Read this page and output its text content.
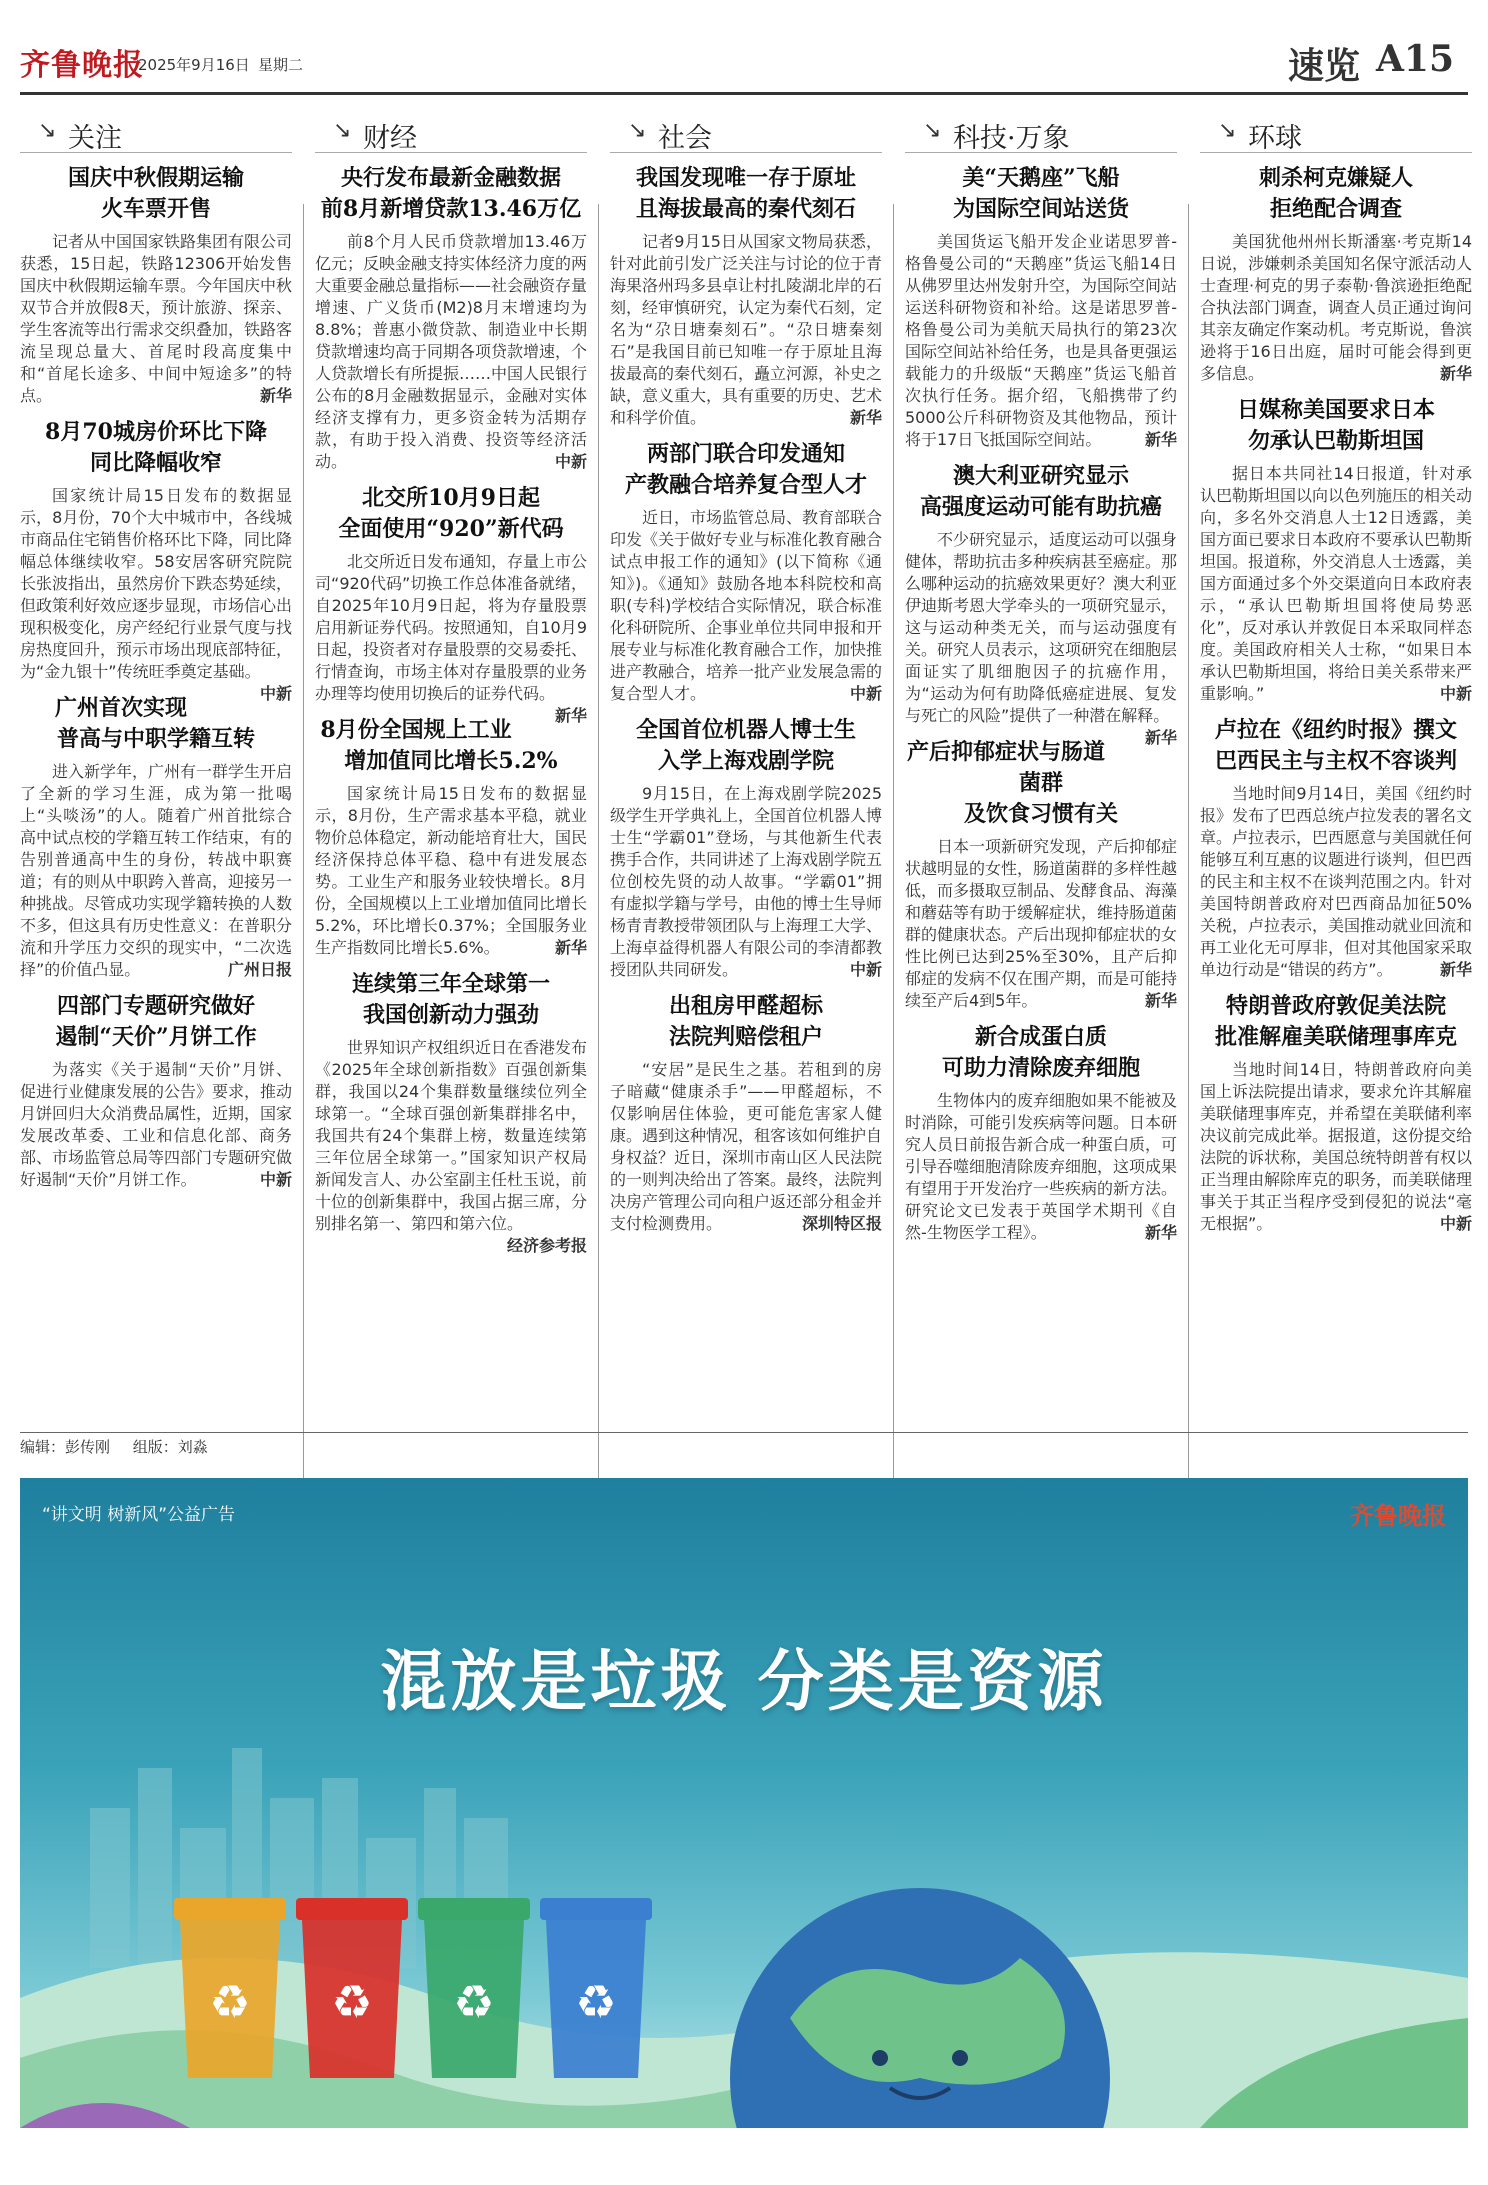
齐鲁晚报
2025年9月16日 星期二	速览 A15
↘ 关注
国庆中秋假期运输
火车票开售

记者从中国国家铁路集团有限公司获悉，15日起，铁路12306开始发售国庆中秋假期运输车票。今年国庆中秋双节合并放假8天，预计旅游、探亲、学生客流等出行需求交织叠加，铁路客流呈现总量大、首尾时段高度集中和“首尾长途多、中间中短途多”的特点。	新华

8月70城房价环比下降
同比降幅收窄

国家统计局15日发布的数据显示，8月份，70个大中城市中，各线城市商品住宅销售价格环比下降，同比降幅总体继续收窄。58安居客研究院院长张波指出，虽然房价下跌态势延续，但政策利好效应逐步显现，市场信心出现积极变化，房产经纪行业景气度与找房热度回升，预示市场出现底部特征，为“金九银十”传统旺季奠定基础。
中新

广州首次实现
普高与中职学籍互转

进入新学年，广州有一群学生开启了全新的学习生涯，成为第一批喝上“头啖汤”的人。随着广州首批综合高中试点校的学籍互转工作结束，有的告别普通高中生的身份，转战中职赛道；有的则从中职跨入普高，迎接另一种挑战。尽管成功实现学籍转换的人数不多，但这具有历史性意义：在普职分流和升学压力交织的现实中，“二次选择”的价值凸显。	广州日报

四部门专题研究做好
遏制“天价”月饼工作

为落实《关于遏制“天价”月饼、促进行业健康发展的公告》要求，推动月饼回归大众消费品属性，近期，国家发展改革委、工业和信息化部、商务部、市场监管总局等四部门专题研究做好遏制“天价”月饼工作。	中新

↘ 财经
央行发布最新金融数据
前8月新增贷款13.46万亿

前8个月人民币贷款增加13.46万亿元；反映金融支持实体经济力度的两大重要金融总量指标——社会融资存量增速、广义货币(M2)8月末增速均为8.8%；普惠小微贷款、制造业中长期贷款增速均高于同期各项贷款增速，个人贷款增长有所提振……中国人民银行公布的8月金融数据显示，金融对实体经济支撑有力，更多资金转为活期存款，有助于投入消费、投资等经济活动。	中新

北交所10月9日起
全面使用“920”新代码

北交所近日发布通知，存量上市公司“920代码”切换工作总体准备就绪，自2025年10月9日起，将为存量股票启用新证券代码。按照通知，自10月9日起，投资者对存量股票的交易委托、行情查询，市场主体对存量股票的业务办理等均使用切换后的证券代码。
新华

8月份全国规上工业
增加值同比增长5.2%

国家统计局15日发布的数据显示，8月份，生产需求基本平稳，就业物价总体稳定，新动能培育壮大，国民经济保持总体平稳、稳中有进发展态势。工业生产和服务业较快增长。8月份，全国规模以上工业增加值同比增长5.2%，环比增长0.37%；全国服务业生产指数同比增长5.6%。	新华

连续第三年全球第一
我国创新动力强劲

世界知识产权组织近日在香港发布《2025年全球创新指数》百强创新集群，我国以24个集群数量继续位列全球第一。“全球百强创新集群排名中，我国共有24个集群上榜，数量连续第三年位居全球第一。”国家知识产权局新闻发言人、办公室副主任杜玉说，前十位的创新集群中，我国占据三席，分别排名第一、第四和第六位。
经济参考报

↘ 社会
我国发现唯一存于原址
且海拔最高的秦代刻石

记者9月15日从国家文物局获悉，针对此前引发广泛关注与讨论的位于青海果洛州玛多县卓让村扎陵湖北岸的石刻，经审慎研究，认定为秦代石刻，定名为“尕日塘秦刻石”。“尕日塘秦刻石”是我国目前已知唯一存于原址且海拔最高的秦代刻石，矗立河源，补史之缺，意义重大，具有重要的历史、艺术和科学价值。	新华

两部门联合印发通知
产教融合培养复合型人才

近日，市场监管总局、教育部联合印发《关于做好专业与标准化教育融合试点申报工作的通知》(以下简称《通知》)。《通知》鼓励各地本科院校和高职(专科)学校结合实际情况，联合标准化科研院所、企事业单位共同申报和开展专业与标准化教育融合工作，加快推进产教融合，培养一批产业发展急需的复合型人才。	中新

全国首位机器人博士生
入学上海戏剧学院

9月15日，在上海戏剧学院2025级学生开学典礼上，全国首位机器人博士生“学霸01”登场，与其他新生代表携手合作，共同讲述了上海戏剧学院五位创校先贤的动人故事。“学霸01”拥有虚拟学籍与学号，由他的博士生导师杨青青教授带领团队与上海理工大学、上海卓益得机器人有限公司的李清都教授团队共同研发。	中新

出租房甲醛超标
法院判赔偿租户

“安居”是民生之基。若租到的房子暗藏“健康杀手”——甲醛超标，不仅影响居住体验，更可能危害家人健康。遇到这种情况，租客该如何维护自身权益？近日，深圳市南山区人民法院的一则判决给出了答案。最终，法院判决房产管理公司向租户返还部分租金并支付检测费用。	深圳特区报

↘ 科技·万象
美“天鹅座”飞船
为国际空间站送货

美国货运飞船开发企业诺思罗普-格鲁曼公司的“天鹅座”货运飞船14日从佛罗里达州发射升空，为国际空间站运送科研物资和补给。这是诺思罗普-格鲁曼公司为美航天局执行的第23次国际空间站补给任务，也是具备更强运载能力的升级版“天鹅座”货运飞船首次执行任务。据介绍，飞船携带了约5000公斤科研物资及其他物品，预计将于17日飞抵国际空间站。	新华

澳大利亚研究显示
高强度运动可能有助抗癌

不少研究显示，适度运动可以强身健体，帮助抗击多种疾病甚至癌症。那么哪种运动的抗癌效果更好？澳大利亚伊迪斯考恩大学牵头的一项研究显示，这与运动种类无关，而与运动强度有关。研究人员表示，这项研究在细胞层面证实了肌细胞因子的抗癌作用，为“运动为何有助降低癌症进展、复发与死亡的风险”提供了一种潜在解释。
新华

产后抑郁症状与肠道菌群
及饮食习惯有关

日本一项新研究发现，产后抑郁症状越明显的女性，肠道菌群的多样性越低，而多摄取豆制品、发酵食品、海藻和蘑菇等有助于缓解症状，维持肠道菌群的健康状态。产后出现抑郁症状的女性比例已达到25%至30%，且产后抑郁症的发病不仅在围产期，而是可能持续至产后4到5年。	新华

新合成蛋白质
可助力清除废弃细胞

生物体内的废弃细胞如果不能被及时消除，可能引发疾病等问题。日本研究人员日前报告新合成一种蛋白质，可引导吞噬细胞清除废弃细胞，这项成果有望用于开发治疗一些疾病的新方法。研究论文已发表于英国学术期刊《自然-生物医学工程》。	新华

↘ 环球
刺杀柯克嫌疑人
拒绝配合调查

美国犹他州州长斯潘塞·考克斯14日说，涉嫌刺杀美国知名保守派活动人士查理·柯克的男子泰勒·鲁滨逊拒绝配合执法部门调查，调查人员正通过询问其亲友确定作案动机。考克斯说，鲁滨逊将于16日出庭，届时可能会得到更多信息。	新华

日媒称美国要求日本
勿承认巴勒斯坦国

据日本共同社14日报道，针对承认巴勒斯坦国以向以色列施压的相关动向，多名外交消息人士12日透露，美国方面已要求日本政府不要承认巴勒斯坦国。报道称，外交消息人士透露，美国方面通过多个外交渠道向日本政府表示，“承认巴勒斯坦国将使局势恶化”，反对承认并敦促日本采取同样态度。美国政府相关人士称，“如果日本承认巴勒斯坦国，将给日美关系带来严重影响。”	中新

卢拉在《纽约时报》撰文
巴西民主与主权不容谈判

当地时间9月14日，美国《纽约时报》发布了巴西总统卢拉发表的署名文章。卢拉表示，巴西愿意与美国就任何能够互利互惠的议题进行谈判，但巴西的民主和主权不在谈判范围之内。针对美国特朗普政府对巴西商品加征50%关税，卢拉表示，美国推动就业回流和再工业化无可厚非，但对其他国家采取单边行动是“错误的药方”。	新华

特朗普政府敦促美法院
批准解雇美联储理事库克

当地时间14日，特朗普政府向美国上诉法院提出请求，要求允许其解雇美联储理事库克，并希望在美联储利率决议前完成此举。据报道，这份提交给法院的诉状称，美国总统特朗普有权以正当理由解除库克的职务，而美联储理事关于其正当程序受到侵犯的说法“毫无根据”。	中新

编辑：彭传刚 组版：刘淼
♻ ♻ ♻ ♻
“讲文明 树新风”公益广告	齐鲁晚报
混放是垃圾 分类是资源
